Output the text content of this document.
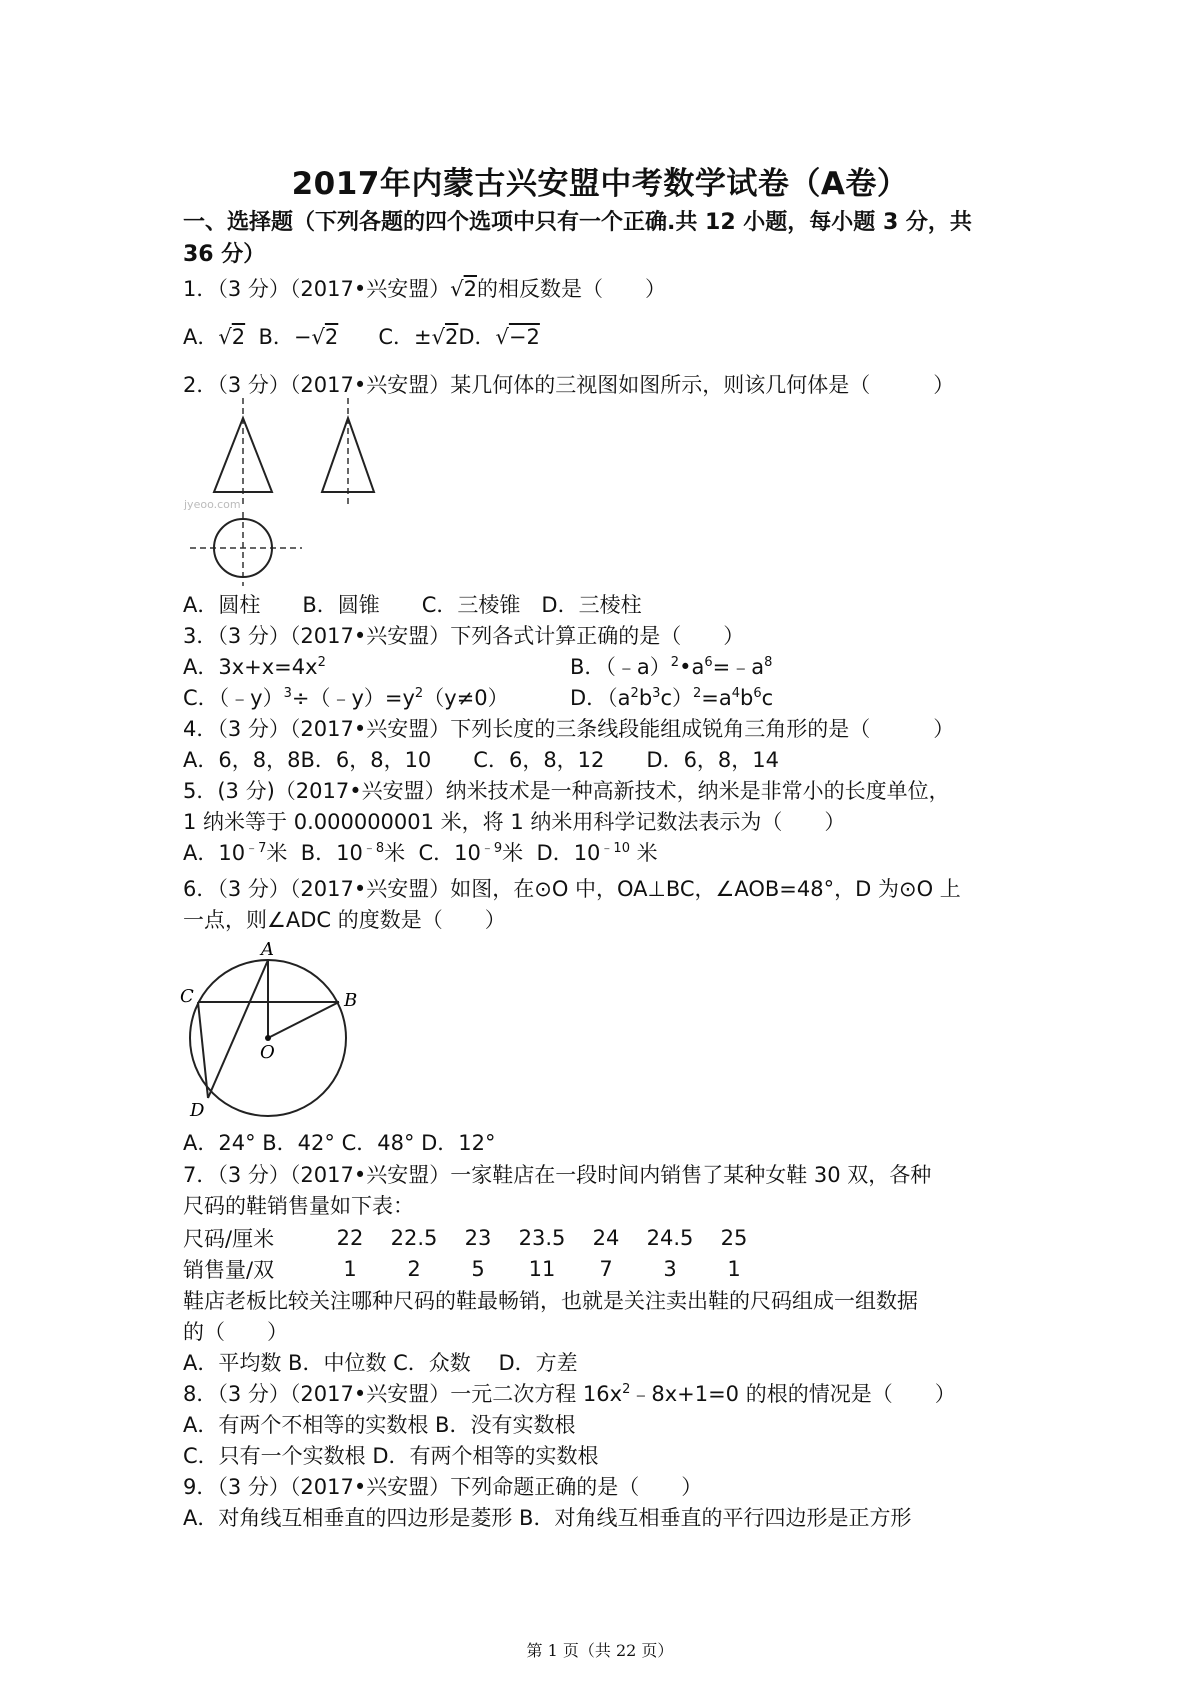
2017年内蒙古兴安盟中考数学试卷（A卷）
一、选择题（下列各题的四个选项中只有一个正确.共 12 小题，每小题 3 分，共
36 分）
1．（3 分）（2017•兴安盟）√2的相反数是（　　）
A．√2  B．−√2      C．±√2D．√−2
2．（3 分）（2017•兴安盟）某几何体的三视图如图所示，则该几何体是（　　　）
jyeoo.com
A．圆柱　　B．圆锥　　C．三棱锥　D．三棱柱
3．（3 分）（2017•兴安盟）下列各式计算正确的是（　　）
A．$3x+x=4x^2$	B．$(﹣a)^2•a^6=﹣a^8$
C．$(﹣y)^3\div(﹣y)=y^2(y\ne 0)$	D．$(a^2b^3c)^2=a^4b^6c$
4．（3 分）（2017•兴安盟）下列长度的三条线段能组成锐角三角形的是（　　　）
A．6，8，8B．6，8，10　　C．6，8，12　　D．6，8，14
5．(3 分)（2017•兴安盟）纳米技术是一种高新技术，纳米是非常小的长度单位，
1 纳米等于 0.000000001 米，将 1 纳米用科学记数法表示为（　　）
A．$10^{﹣7}$米  B．$10^{﹣8}$米  C．$10^{﹣9}$米  D．$10^{﹣10}$ 米
6．（3 分）（2017•兴安盟）如图，在⊙O 中，OA⊥BC，∠AOB=48°，D 为⊙O 上
一点，则∠ADC 的度数是（　　）
A
C	B
O
D
A．24° B．42° C．48° D．12°
7．（3 分）（2017•兴安盟）一家鞋店在一段时间内销售了某种女鞋 30 双，各种
尺码的鞋销售量如下表：
尺码/厘米	22	22.5	23	23.5	24	24.5	25
销售量/双	1	2	5	11	7	3	1
鞋店老板比较关注哪种尺码的鞋最畅销，也就是关注卖出鞋的尺码组成一组数据
的（　　）
A．平均数 B．中位数 C．众数　 D．方差
8．（3 分）（2017•兴安盟）一元二次方程 $16x^2﹣8x+1=0$ 的根的情况是（　　）
A．有两个不相等的实数根 B．没有实数根
C．只有一个实数根 D．有两个相等的实数根
9．（3 分）（2017•兴安盟）下列命题正确的是（　　）
A．对角线互相垂直的四边形是菱形 B．对角线互相垂直的平行四边形是正方形
第 1 页（共 22 页）
